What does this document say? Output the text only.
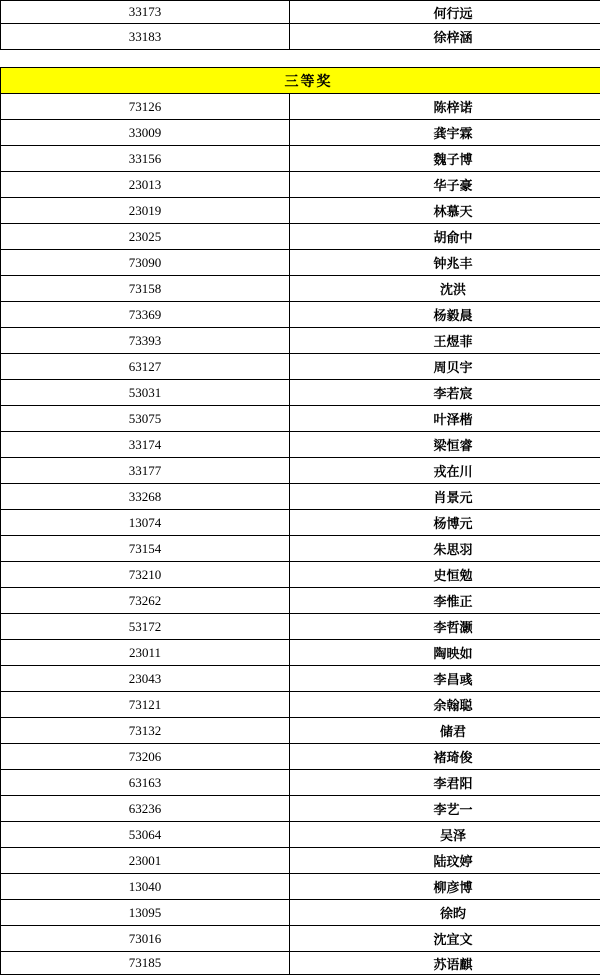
33173	何行远
33183	徐梓涵

三等奖	
73126	陈梓诺
33009	龚宇霖
33156	魏子博
23013	华子豪
23019	林慕天
23025	胡俞中
73090	钟兆丰
73158	沈洪
73369	杨毅晨
73393	王煜菲
63127	周贝宇
53031	李若宸
53075	叶泽楷
33174	梁恒睿
33177	戎在川
33268	肖景元
13074	杨博元
73154	朱思羽
73210	史恒勉
73262	李惟正
53172	李哲灏
23011	陶映如
23043	李昌彧
73121	余翰聪
73132	储君
73206	褚琦俊
63163	李君阳
63236	李艺一
53064	吴泽
23001	陆玟婷
13040	柳彦博
13095	徐昀
73016	沈宜文
73185	苏语麒
